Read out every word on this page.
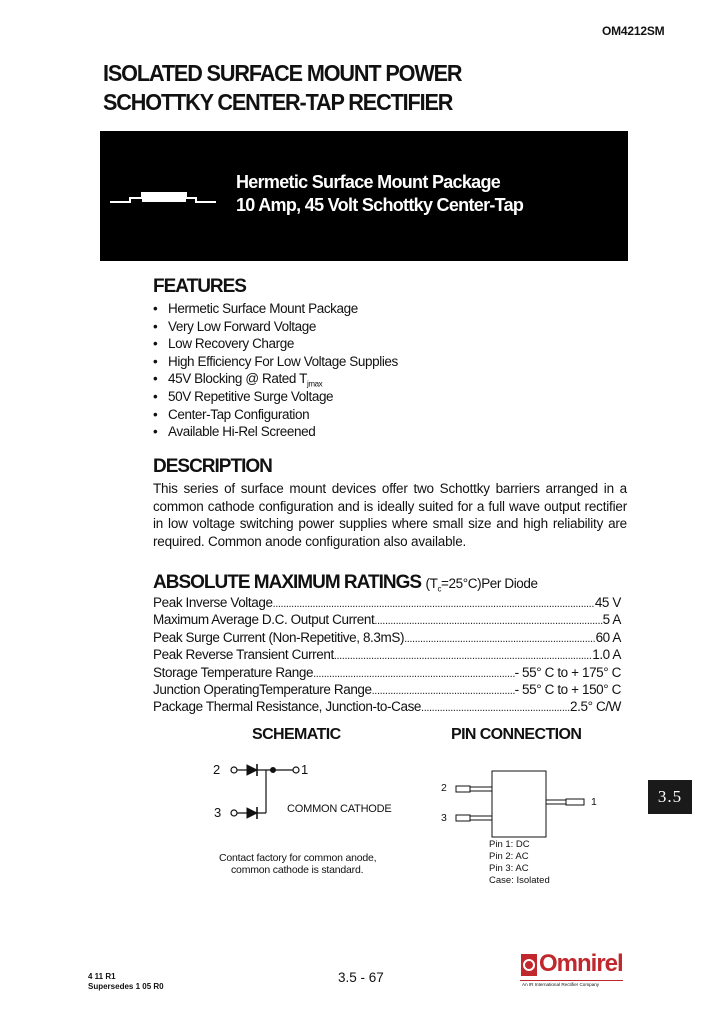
OM4212SM
ISOLATED SURFACE MOUNT POWER
SCHOTTKY CENTER-TAP RECTIFIER
Hermetic Surface Mount Package
10 Amp, 45 Volt Schottky Center-Tap
FEATURES
• Hermetic Surface Mount Package
• Very Low Forward Voltage
• Low Recovery Charge
• High Efficiency For Low Voltage Supplies
• 45V Blocking @ Rated $T_{jmax}$
• 50V Repetitive Surge Voltage
• Center-Tap Configuration
• Available Hi-Rel Screened
DESCRIPTION
This series of surface mount devices offer two Schottky barriers arranged in a common cathode configuration and is ideally suited for a full wave output rectifier in low voltage switching power supplies where small size and high reliability are required. Common anode configuration also available.
ABSOLUTE MAXIMUM RATINGS $(T_c=25^\circ C)Per$ Diode
Peak Inverse Voltage .....	45 V
Maximum Average D.C. Output Current .....	5 A
Peak Surge Current (Non-Repetitive, 8.3mS) .....	60 A
Peak Reverse Transient Current .....	1.0 A
Storage Temperature Range .....	- 55° C to + 175° C
Junction OperatingTemperature Range .....	- 55° C to + 150° C
Package Thermal Resistance, Junction-to-Case .....	2.5° C/W
SCHEMATIC
2	1
3	COMMON CATHODE
Contact factory for common anode,
common cathode is standard.
PIN CONNECTION
2
3
1
Pin 1: DC
Pin 2: AC
Pin 3: AC
Case: Isolated
3.5
4 11 R1
Supersedes 1 05 R0
3.5 - 67
Omnirel
An IR International Rectifier Company
